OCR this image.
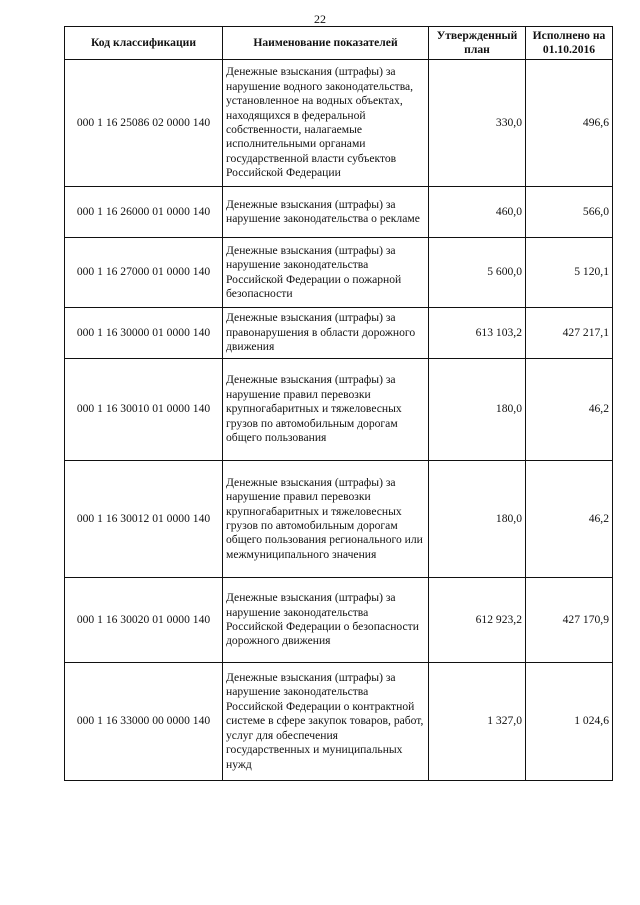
22
Код классификации	Наименование показателей	Утвержденный план	Исполнено на 01.10.2016
000 1 16 25086 02 0000 140	Денежные взыскания (штрафы) за нарушение водного законодательства, установленное на водных объектах, находящихся в федеральной собственности, налагаемые исполнительными органами государственной власти субъектов Российской Федерации	330,0	496,6
000 1 16 26000 01 0000 140	Денежные взыскания (штрафы) за нарушение законодательства о рекламе	460,0	566,0
000 1 16 27000 01 0000 140	Денежные взыскания (штрафы) за нарушение законодательства Российской Федерации о пожарной безопасности	5 600,0	5 120,1
000 1 16 30000 01 0000 140	Денежные взыскания (штрафы) за правонарушения в области дорожного движения	613 103,2	427 217,1
000 1 16 30010 01 0000 140	Денежные взыскания (штрафы) за нарушение правил перевозки крупногабаритных и тяжеловесных грузов по автомобильным дорогам общего пользования	180,0	46,2
000 1 16 30012 01 0000 140	Денежные взыскания (штрафы) за нарушение правил перевозки крупногабаритных и тяжеловесных грузов по автомобильным дорогам общего пользования регионального или межмуниципального значения	180,0	46,2
000 1 16 30020 01 0000 140	Денежные взыскания (штрафы) за нарушение законодательства Российской Федерации о безопасности дорожного движения	612 923,2	427 170,9
000 1 16 33000 00 0000 140	Денежные взыскания (штрафы) за нарушение законодательства Российской Федерации о контрактной системе в сфере закупок товаров, работ, услуг для обеспечения государственных и муниципальных нужд	1 327,0	1 024,6
